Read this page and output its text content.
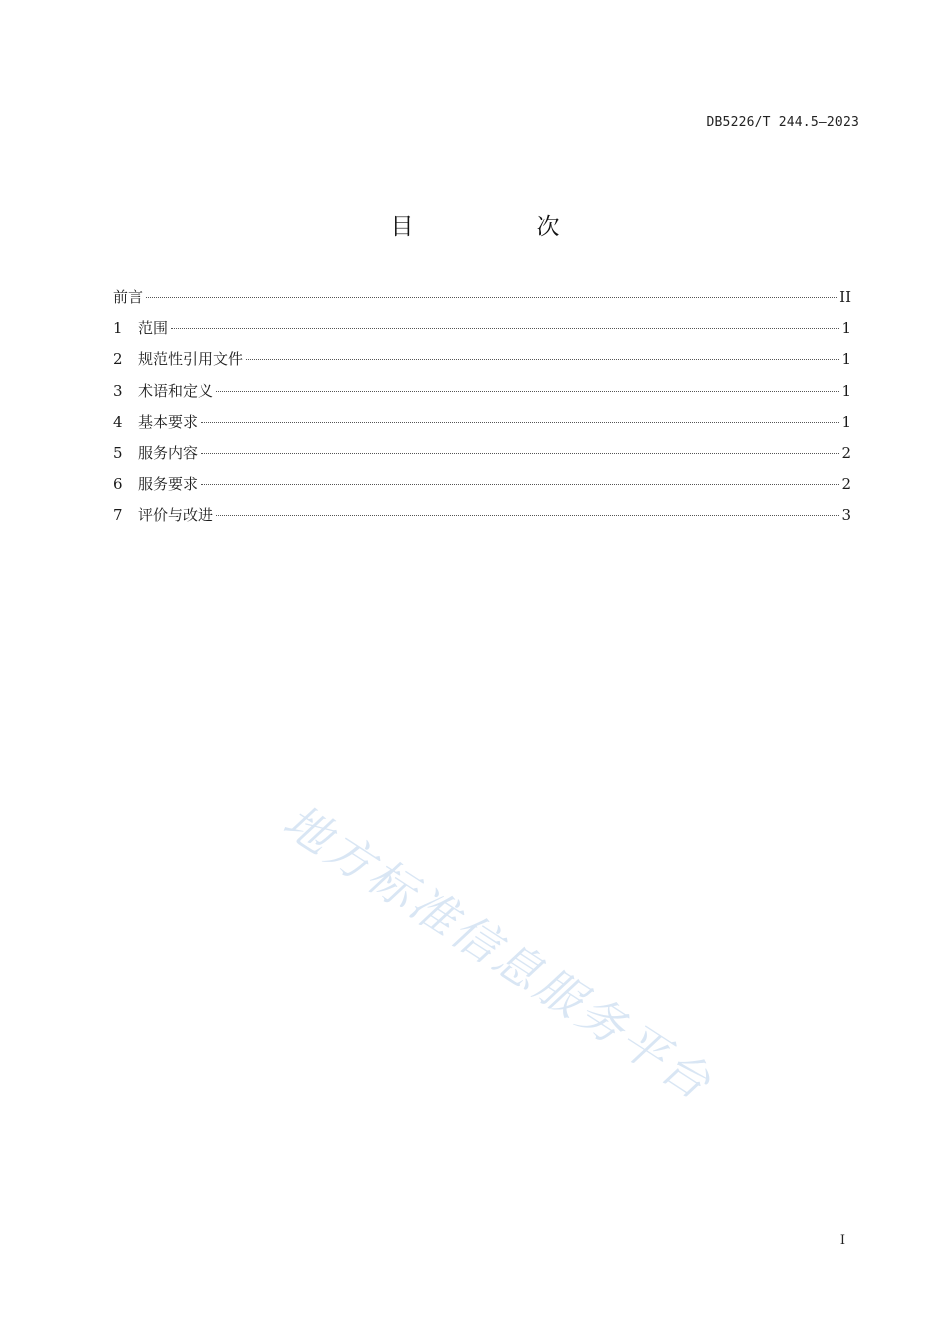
DB5226/T 244.5—2023
目　次
前言	II
1	范围	1
2	规范性引用文件	1
3	术语和定义	1
4	基本要求	1
5	服务内容	2
6	服务要求	2
7	评价与改进	3
地方标准信息服务平台
I
